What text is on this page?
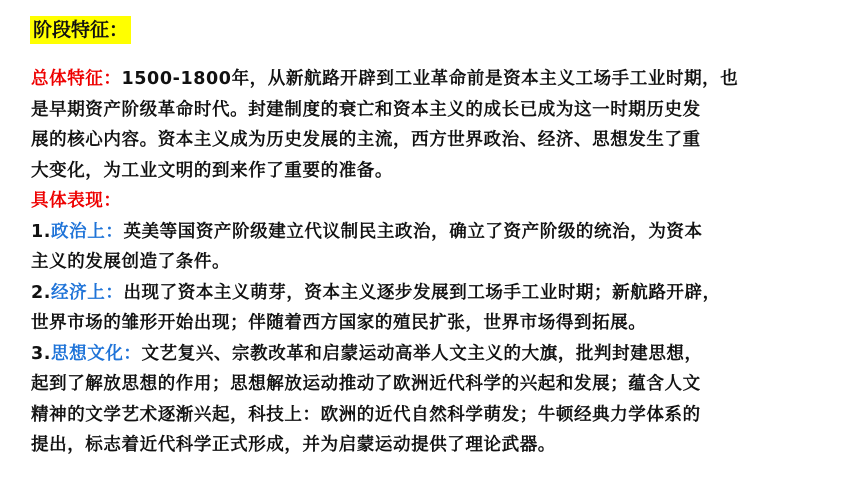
阶段特征：
总体特征：1500-1800年，从新航路开辟到工业革命前是资本主义工场手工业时期，也
是早期资产阶级革命时代。封建制度的衰亡和资本主义的成长已成为这一时期历史发
展的核心内容。资本主义成为历史发展的主流，西方世界政治、经济、思想发生了重
大变化，为工业文明的到来作了重要的准备。
具体表现：
1.政治上：英美等国资产阶级建立代议制民主政治，确立了资产阶级的统治，为资本
主义的发展创造了条件。
2.经济上：出现了资本主义萌芽，资本主义逐步发展到工场手工业时期；新航路开辟，
世界市场的雏形开始出现；伴随着西方国家的殖民扩张，世界市场得到拓展。
3.思想文化：文艺复兴、宗教改革和启蒙运动高举人文主义的大旗，批判封建思想，
起到了解放思想的作用；思想解放运动推动了欧洲近代科学的兴起和发展；蕴含人文
精神的文学艺术逐渐兴起，科技上：欧洲的近代自然科学萌发；牛顿经典力学体系的
提出，标志着近代科学正式形成，并为启蒙运动提供了理论武器。
